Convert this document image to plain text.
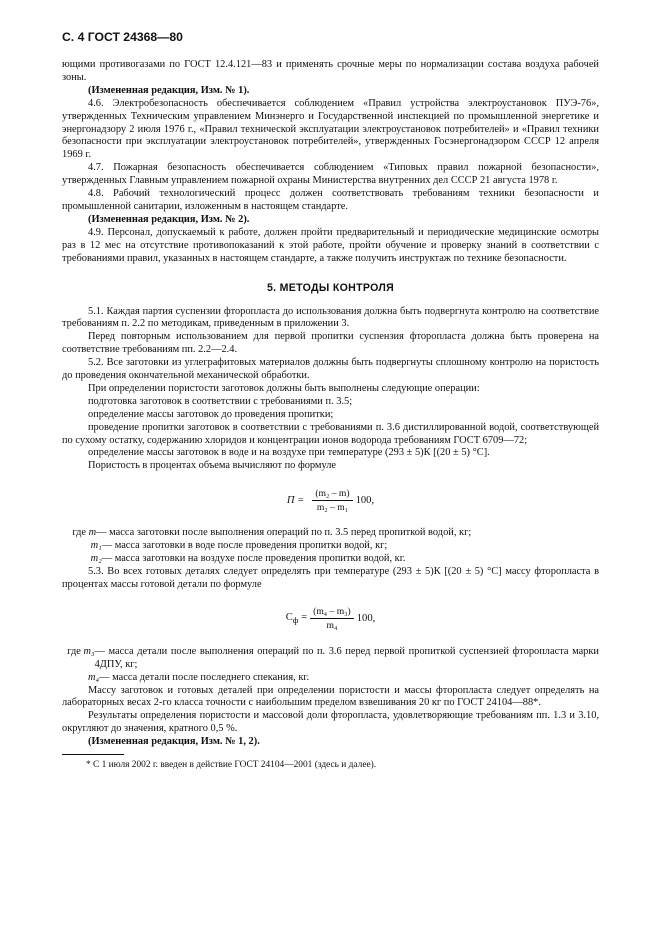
С. 4 ГОСТ 24368—80

ющими противогазами по ГОСТ 12.4.121—83 и применять срочные меры по нормализации состава воздуха рабочей зоны.

(Измененная редакция, Изм. № 1).

4.6. Электробезопасность обеспечивается соблюдением «Правил устройства электроустановок ПУЭ-76», утвержденных Техническим управлением Минэнерго и Государственной инспекцией по промышленной энергетике и энергонадзору 2 июля 1976 г., «Правил технической эксплуатации электроустановок потребителей» и «Правил техники безопасности при эксплуатации электроустановок потребителей», утвержденных Госэнергонадзором СССР 12 апреля 1969 г.

4.7. Пожарная безопасность обеспечивается соблюдением «Типовых правил пожарной безопасности», утвержденных Главным управлением пожарной охраны Министерства внутренних дел СССР 21 августа 1978 г.

4.8. Рабочий технологический процесс должен соответствовать требованиям техники безопасности и промышленной санитарии, изложенным в настоящем стандарте.

(Измененная редакция, Изм. № 2).

4.9. Персонал, допускаемый к работе, должен пройти предварительный и периодические медицинские осмотры раз в 12 мес на отсутствие противопоказаний к этой работе, пройти обучение и проверку знаний в соответствии с требованиями правил, указанных в настоящем стандарте, а также получить инструктаж по технике безопасности.

5. МЕТОДЫ КОНТРОЛЯ

5.1. Каждая партия суспензии фторопласта до использования должна быть подвергнута контролю на соответствие требованиям п. 2.2 по методикам, приведенным в приложении 3.

Перед повторным использованием для первой пропитки суспензия фторопласта должна быть проверена на соответствие требованиям пп. 2.2—2.4.

5.2. Все заготовки из углеграфитовых материалов должны быть подвергнуты сплошному контролю на пористость до проведения окончательной механической обработки.

При определении пористости заготовок должны быть выполнены следующие операции:

подготовка заготовок в соответствии с требованиями п. 3.5;

определение массы заготовок до проведения пропитки;

проведение пропитки заготовок в соответствии с требованиями п. 3.6 дистиллированной водой, соответствующей по сухому остатку, содержанию хлоридов и концентрации ионов водорода требованиям ГОСТ 6709—72;

определение массы заготовок в воде и на воздухе при температуре (293 ± 5)К [(20 ± 5) °С].

Пористость в процентах объема вычисляют по формуле

$П = \frac{\text{(m₂ – m)}}{\text{m₂ – m₁}} 100$,
где m — масса заготовки после выполнения операций по п. 3.5 перед пропиткой водой, кг;

m₁ — масса заготовки в воде после проведения пропитки водой, кг;

m₂ — масса заготовки на воздухе после проведения пропитки водой, кг.

5.3. Во всех готовых деталях следует определять при температуре (293 ± 5)К [(20 ± 5) °С] массу фторопласта в процентах массы готовой детали по формуле

$С_ф = \frac{\text{(m₄ – m₃)}}{\text{m₄}} 100$,
где m₃ — масса детали после выполнения операций по п. 3.6 перед первой пропиткой суспензией фторопласта марки 4ДПУ, кг;

m₄ — масса детали после последнего спекания, кг.

Массу заготовок и готовых деталей при определении пористости и массы фторопласта следует определять на лабораторных весах 2-го класса точности с наибольшим пределом взвешивания 20 кг по ГОСТ 24104—88*.

Результаты определения пористости и массовой доли фторопласта, удовлетворяющие требованиям пп. 1.3 и 3.10, округляют до значения, кратного 0,5 %.

(Измененная редакция, Изм. № 1, 2).

* С 1 июля 2002 г. введен в действие ГОСТ 24104—2001 (здесь и далее).
